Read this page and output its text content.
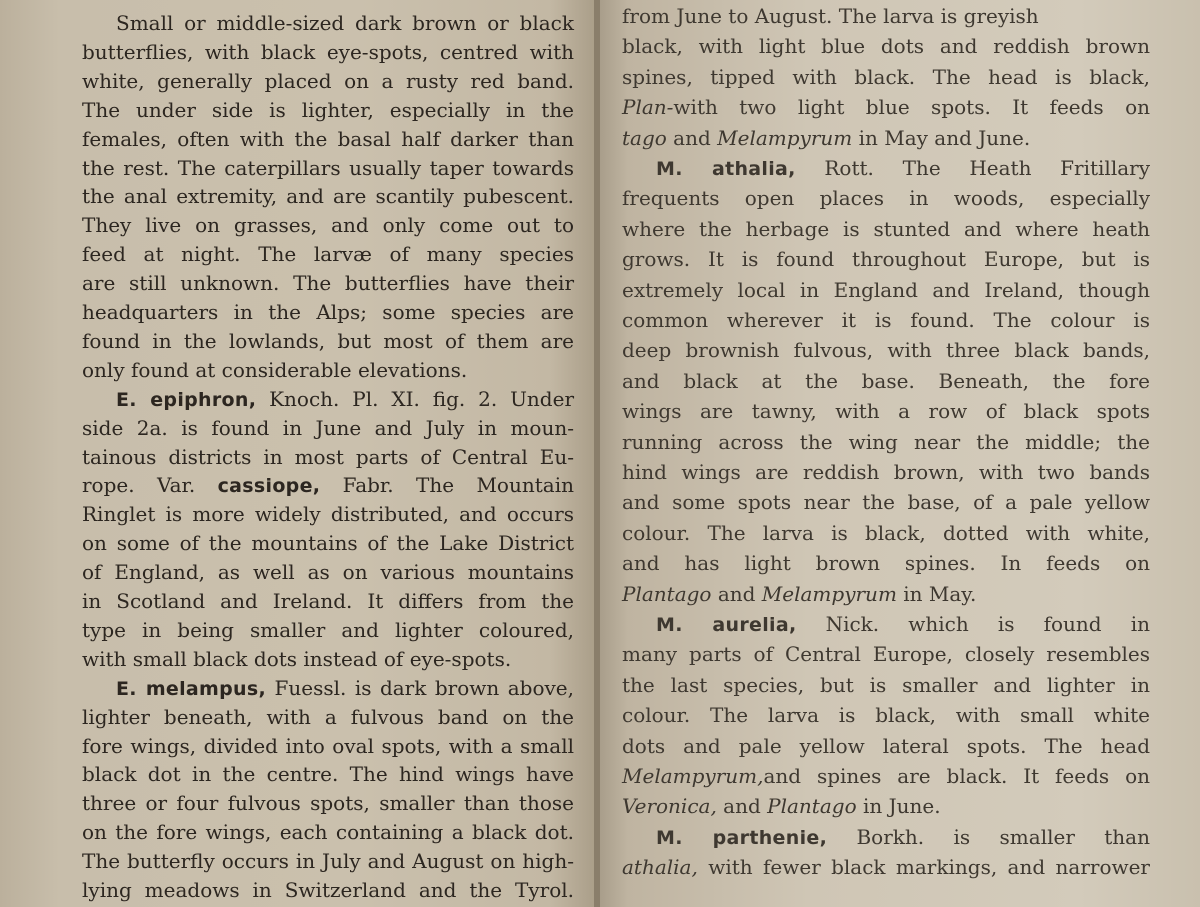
Small or middle-sized dark brown or black
butterflies, with black eye-spots, centred with
white, generally placed on a rusty red band.
The under side is lighter, especially in the
females, often with the basal half darker than
the rest. The caterpillars usually taper towards
the anal extremity, and are scantily pubescent.
They live on grasses, and only come out to
feed at night. The larvæ of many species
are still unknown. The butterflies have their
headquarters in the Alps; some species are
found in the lowlands, but most of them are
only found at considerable elevations.
E. epiphron, Knoch. Pl. XI. fig. 2. Under
side 2a. is found in June and July in moun-
tainous districts in most parts of Central Eu-
rope. Var. cassiope, Fabr. The Mountain
Ringlet is more widely distributed, and occurs
on some of the mountains of the Lake District
of England, as well as on various mountains
in Scotland and Ireland. It differs from the
type in being smaller and lighter coloured,
with small black dots instead of eye-spots.
E. melampus, Fuessl. is dark brown above,
lighter beneath, with a fulvous band on the
fore wings, divided into oval spots, with a small
black dot in the centre. The hind wings have
three or four fulvous spots, smaller than those
on the fore wings, each containing a black dot.
The butterfly occurs in July and August on high-
lying meadows in Switzerland and the Tyrol.
from June to August. The larva is greyish
black, with light blue dots and reddish brown
spines, tipped with black. The head is black,
Plan-with two light blue spots. It feeds on
tago and Melampyrum in May and June.
M. athalia, Rott. The Heath Fritillary
frequents open places in woods, especially
where the herbage is stunted and where heath
grows. It is found throughout Europe, but is
extremely local in England and Ireland, though
common wherever it is found. The colour is
deep brownish fulvous, with three black bands,
and black at the base. Beneath, the fore
wings are tawny, with a row of black spots
running across the wing near the middle; the
hind wings are reddish brown, with two bands
and some spots near the base, of a pale yellow
colour. The larva is black, dotted with white,
and has light brown spines. In feeds on
Plantago and Melampyrum in May.
M. aurelia, Nick. which is found in
many parts of Central Europe, closely resembles
the last species, but is smaller and lighter in
colour. The larva is black, with small white
dots and pale yellow lateral spots. The head
Melampyrum,and spines are black. It feeds on
Veronica, and Plantago in June.
M. parthenie, Borkh. is smaller than
athalia, with fewer black markings, and narrower
